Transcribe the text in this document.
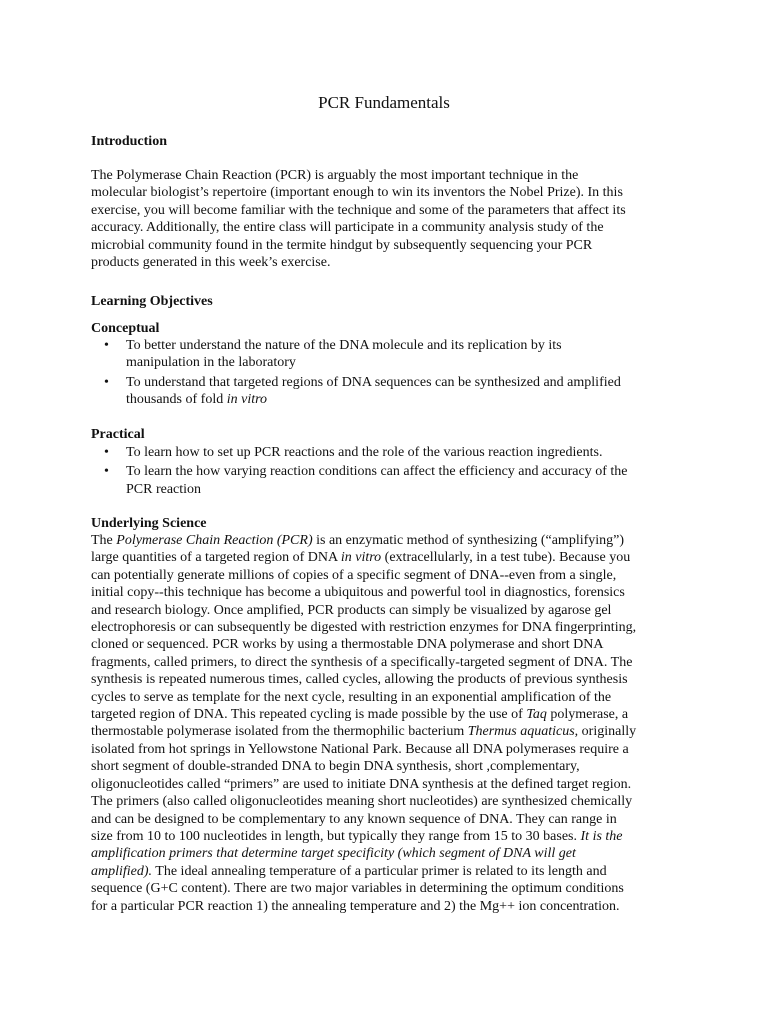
PCR Fundamentals
Introduction

The Polymerase Chain Reaction (PCR) is arguably the most important technique in the
molecular biologist’s repertoire (important enough to win its inventors the Nobel Prize). In this
exercise, you will become familiar with the technique and some of the parameters that affect its
accuracy. Additionally, the entire class will participate in a community analysis study of the
microbial community found in the termite hindgut by subsequently sequencing your PCR
products generated in this week’s exercise.

Learning Objectives
Conceptual
• To better understand the nature of the DNA molecule and its replication by its
manipulation in the laboratory
• To understand that targeted regions of DNA sequences can be synthesized and amplified
thousands of fold in vitro
Practical
• To learn how to set up PCR reactions and the role of the various reaction ingredients.
• To learn the how varying reaction conditions can affect the efficiency and accuracy of the
PCR reaction
Underlying Science

The Polymerase Chain Reaction (PCR) is an enzymatic method of synthesizing (“amplifying”)
large quantities of a targeted region of DNA in vitro (extracellularly, in a test tube). Because you
can potentially generate millions of copies of a specific segment of DNA--even from a single,
initial copy--this technique has become a ubiquitous and powerful tool in diagnostics, forensics
and research biology. Once amplified, PCR products can simply be visualized by agarose gel
electrophoresis or can subsequently be digested with restriction enzymes for DNA fingerprinting,
cloned or sequenced. PCR works by using a thermostable DNA polymerase and short DNA
fragments, called primers, to direct the synthesis of a specifically-targeted segment of DNA. The
synthesis is repeated numerous times, called cycles, allowing the products of previous synthesis
cycles to serve as template for the next cycle, resulting in an exponential amplification of the
targeted region of DNA. This repeated cycling is made possible by the use of Taq polymerase, a
thermostable polymerase isolated from the thermophilic bacterium Thermus aquaticus, originally
isolated from hot springs in Yellowstone National Park. Because all DNA polymerases require a
short segment of double-stranded DNA to begin DNA synthesis, short ,complementary,
oligonucleotides called “primers” are used to initiate DNA synthesis at the defined target region.
The primers (also called oligonucleotides meaning short nucleotides) are synthesized chemically
and can be designed to be complementary to any known sequence of DNA. They can range in
size from 10 to 100 nucleotides in length, but typically they range from 15 to 30 bases. It is the
amplification primers that determine target specificity (which segment of DNA will get
amplified). The ideal annealing temperature of a particular primer is related to its length and
sequence (G+C content). There are two major variables in determining the optimum conditions
for a particular PCR reaction 1) the annealing temperature and 2) the Mg++ ion concentration.
